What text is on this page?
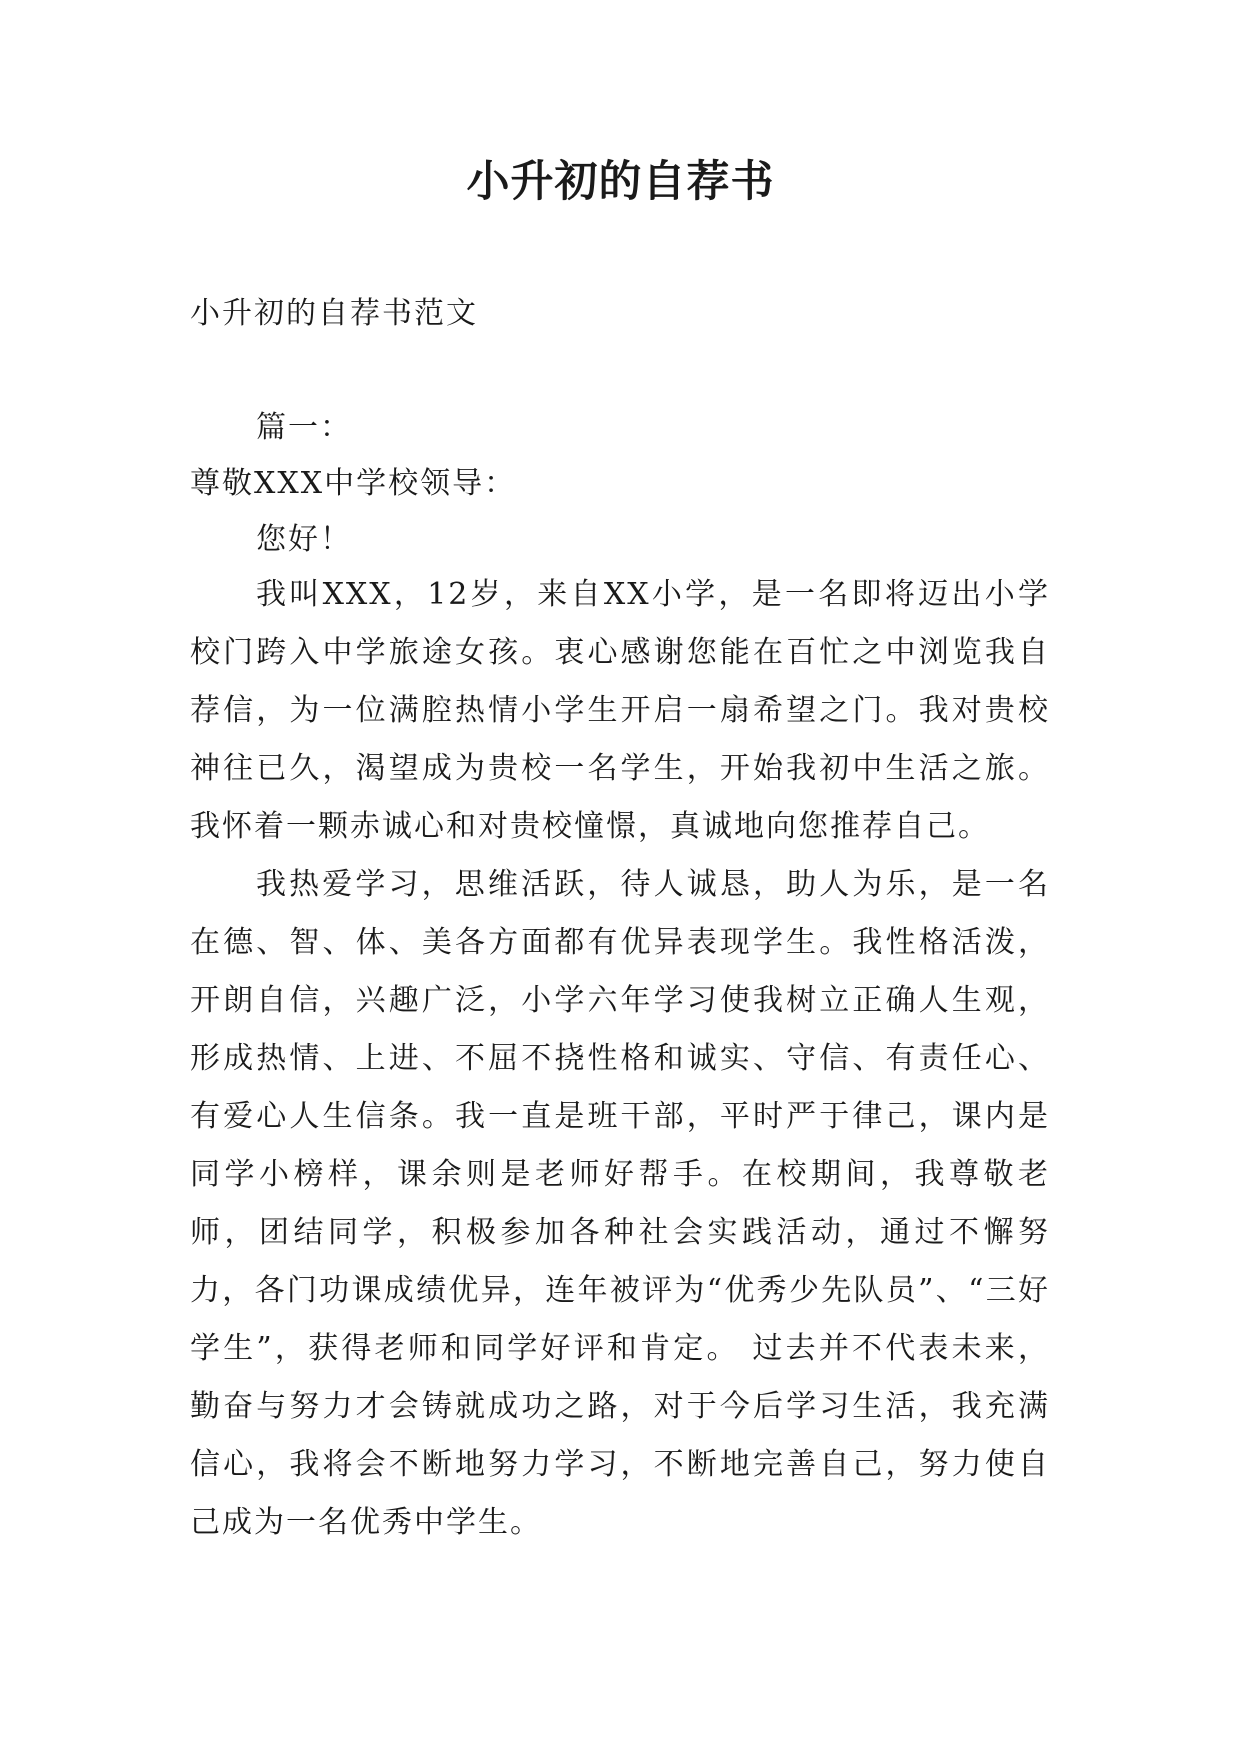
小升初的自荐书
小升初的自荐书范文
篇一：
尊敬XXX中学校领导：
您好！

我叫XXX，12岁，来自XX小学，是一名即将迈出小学校门跨入中学旅途女孩。衷心感谢您能在百忙之中浏览我自荐信，为一位满腔热情小学生开启一扇希望之门。我对贵校神往已久，渴望成为贵校一名学生，开始我初中生活之旅。我怀着一颗赤诚心和对贵校憧憬，真诚地向您推荐自己。

我热爱学习，思维活跃，待人诚恳，助人为乐，是一名在德、智、体、美各方面都有优异表现学生。我性格活泼，开朗自信，兴趣广泛，小学六年学习使我树立正确人生观，形成热情、上进、不屈不挠性格和诚实、守信、有责任心、有爱心人生信条。我一直是班干部，平时严于律己，课内是同学小榜样，课余则是老师好帮手。在校期间，我尊敬老师，团结同学，积极参加各种社会实践活动，通过不懈努力，各门功课成绩优异，连年被评为“优秀少先队员”、“三好学生”，获得老师和同学好评和肯定。 过去并不代表未来，勤奋与努力才会铸就成功之路，对于今后学习生活，我充满信心，我将会不断地努力学习，不断地完善自己，努力使自己成为一名优秀中学生。
